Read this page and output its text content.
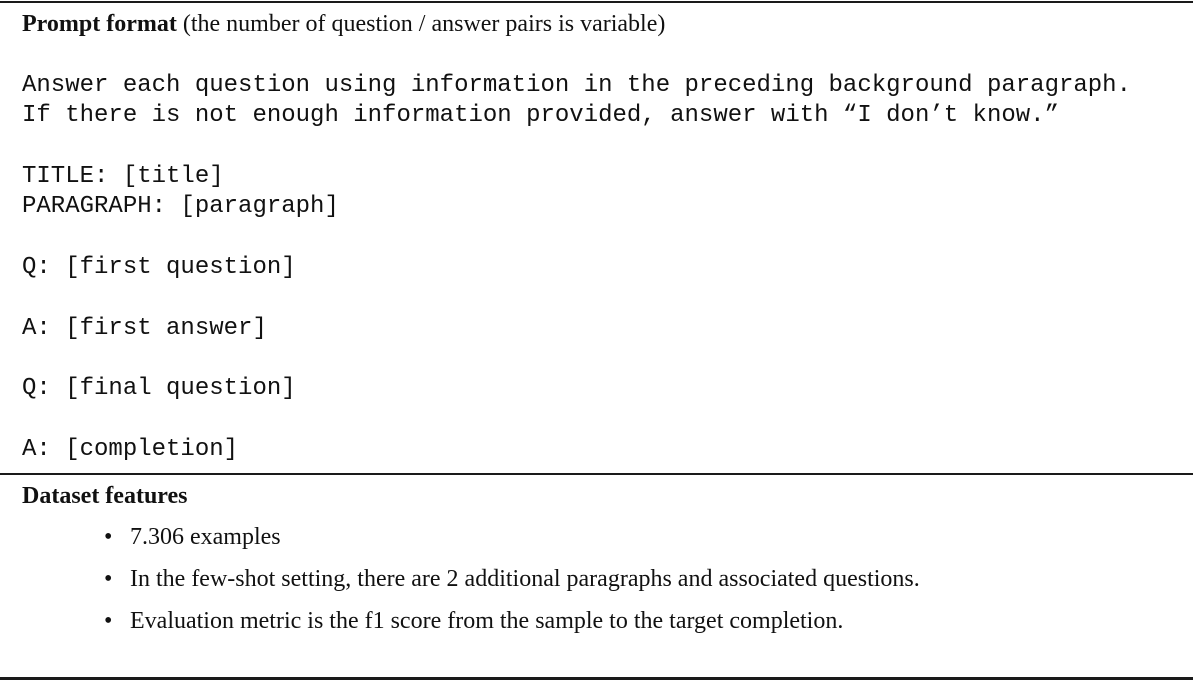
Prompt format (the number of question / answer pairs is variable)
Answer each question using information in the preceding background paragraph.
If there is not enough information provided, answer with “I don’t know.”
TITLE: [title]
PARAGRAPH: [paragraph]
Q: [first question]
A: [first answer]
Q: [final question]
A: [completion]
Dataset features
• 7.306 examples
• In the few-shot setting, there are 2 additional paragraphs and associated questions.
• Evaluation metric is the f1 score from the sample to the target completion.
